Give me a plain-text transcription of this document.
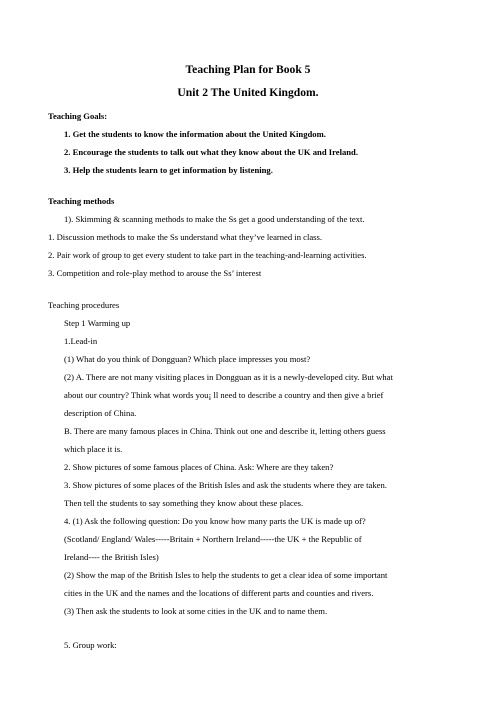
Teaching Plan for Book 5
Unit 2 The United Kingdom.
Teaching Goals:
1. Get the students to know the information about the United Kingdom.
2. Encourage the students to talk out what they know about the UK and Ireland.
3. Help the students learn to get information by listening.
Teaching methods
1). Skimming & scanning methods to make the Ss get a good understanding of the text.
1. Discussion methods to make the Ss understand what they’ve learned in class.
2. Pair work of group to get every student to take part in the teaching-and-learning activities.
3. Competition and role-play method to arouse the Ss’ interest
Teaching procedures
Step 1 Warming up
1.Lead-in
(1) What do you think of Dongguan? Which place impresses you most?
(2) A. There are not many visiting places in Dongguan as it is a newly-developed city. But what
about our country? Think what words you¡ ll need to describe a country and then give a brief
description of China.
B. There are many famous places in China. Think out one and describe it, letting others guess
which place it is.
2. Show pictures of some famous places of China. Ask: Where are they taken?
3. Show pictures of some places of the British Isles and ask the students where they are taken.
Then tell the students to say something they know about these places.
4. (1) Ask the following question: Do you know how many parts the UK is made up of?
(Scotland/ England/ Wales-----Britain + Northern Ireland-----the UK + the Republic of
Ireland---- the British Isles)
(2) Show the map of the British Isles to help the students to get a clear idea of some important
cities in the UK and the names and the locations of different parts and counties and rivers.
(3) Then ask the students to look at some cities in the UK and to name them.
5. Group work:
